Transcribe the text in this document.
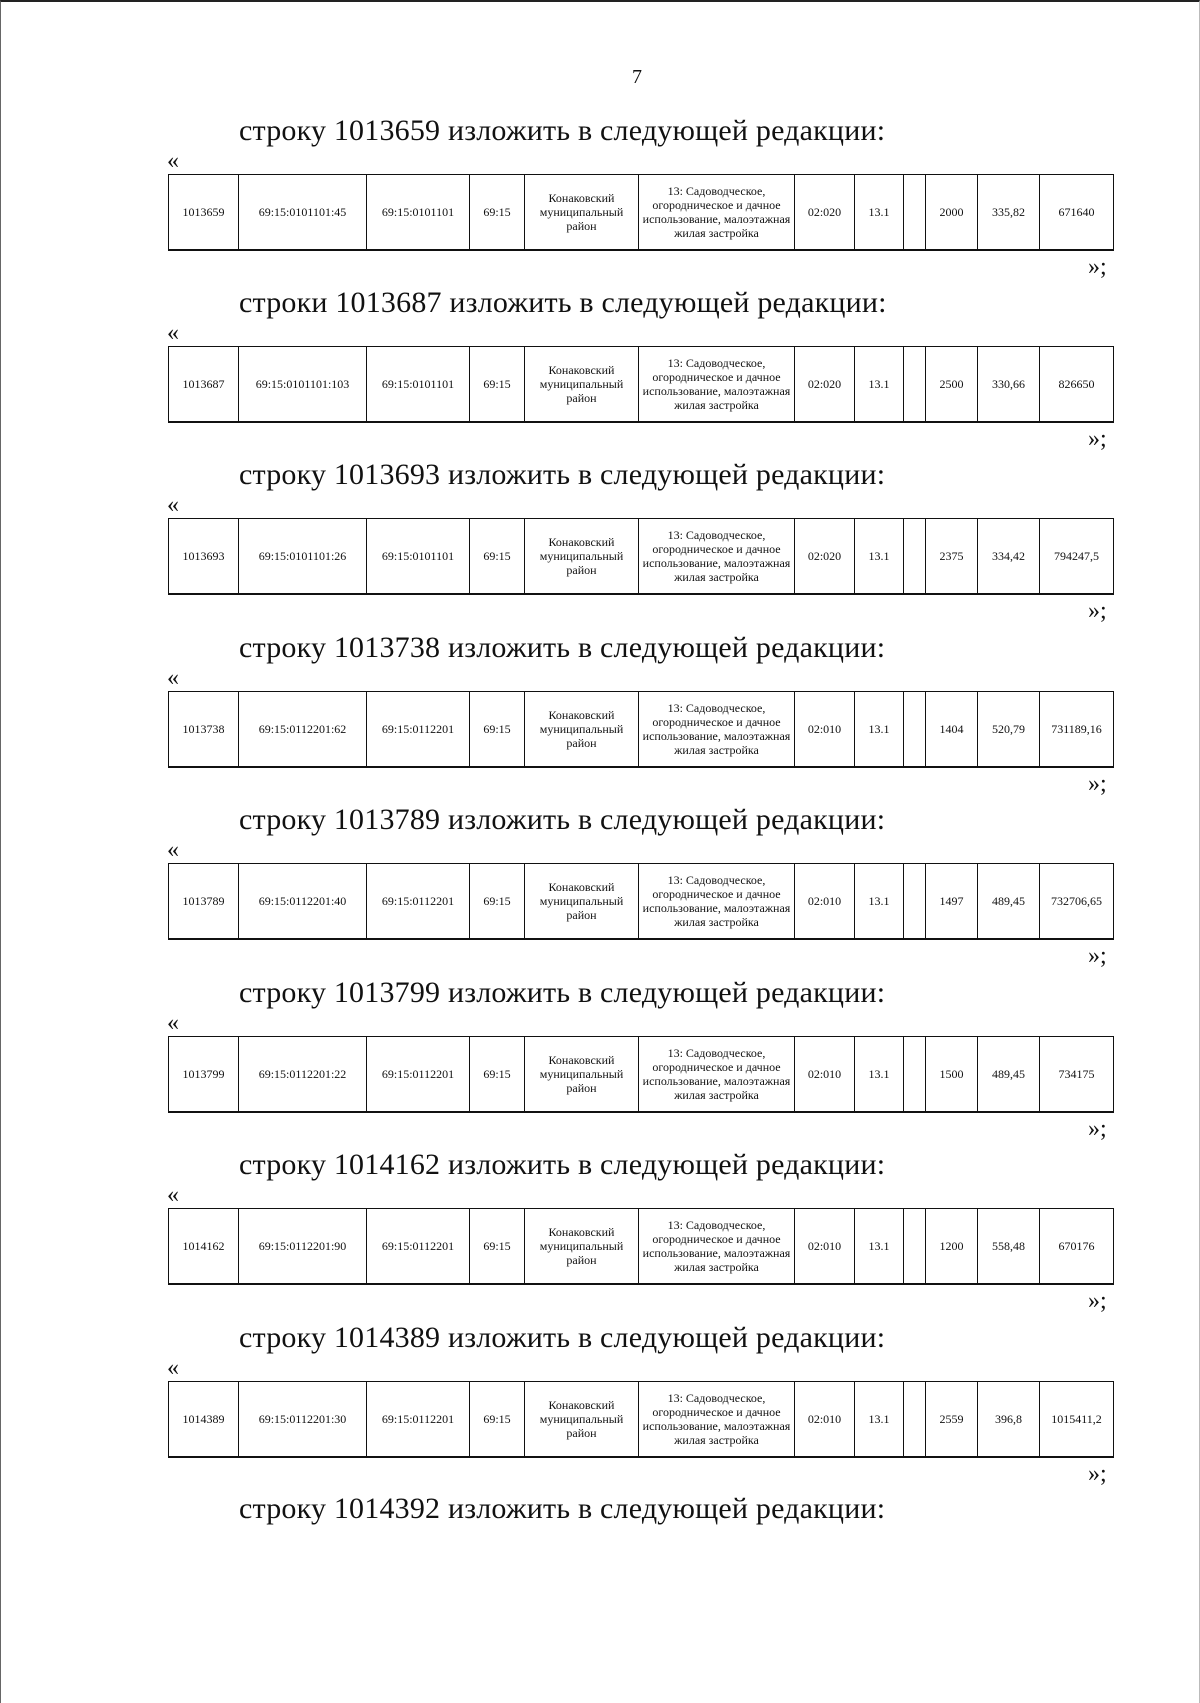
7
строку 1013659 изложить в следующей редакции:
«
1013659	69:15:0101101:45	69:15:0101101	69:15	Конаковский муниципальный район	13: Садоводческое, огородническое и дачное использование, малоэтажная жилая застройка	02:020	13.1		2000	335,82	671640
»;
строки 1013687 изложить в следующей редакции:
«
1013687	69:15:0101101:103	69:15:0101101	69:15	Конаковский муниципальный район	13: Садоводческое, огородническое и дачное использование, малоэтажная жилая застройка	02:020	13.1		2500	330,66	826650
»;
строку 1013693 изложить в следующей редакции:
«
1013693	69:15:0101101:26	69:15:0101101	69:15	Конаковский муниципальный район	13: Садоводческое, огородническое и дачное использование, малоэтажная жилая застройка	02:020	13.1		2375	334,42	794247,5
»;
строку 1013738 изложить в следующей редакции:
«
1013738	69:15:0112201:62	69:15:0112201	69:15	Конаковский муниципальный район	13: Садоводческое, огородническое и дачное использование, малоэтажная жилая застройка	02:010	13.1		1404	520,79	731189,16
»;
строку 1013789 изложить в следующей редакции:
«
1013789	69:15:0112201:40	69:15:0112201	69:15	Конаковский муниципальный район	13: Садоводческое, огородническое и дачное использование, малоэтажная жилая застройка	02:010	13.1		1497	489,45	732706,65
»;
строку 1013799 изложить в следующей редакции:
«
1013799	69:15:0112201:22	69:15:0112201	69:15	Конаковский муниципальный район	13: Садоводческое, огородническое и дачное использование, малоэтажная жилая застройка	02:010	13.1		1500	489,45	734175
»;
строку 1014162 изложить в следующей редакции:
«
1014162	69:15:0112201:90	69:15:0112201	69:15	Конаковский муниципальный район	13: Садоводческое, огородническое и дачное использование, малоэтажная жилая застройка	02:010	13.1		1200	558,48	670176
»;
строку 1014389 изложить в следующей редакции:
«
1014389	69:15:0112201:30	69:15:0112201	69:15	Конаковский муниципальный район	13: Садоводческое, огородническое и дачное использование, малоэтажная жилая застройка	02:010	13.1		2559	396,8	1015411,2
»;
строку 1014392 изложить в следующей редакции:
